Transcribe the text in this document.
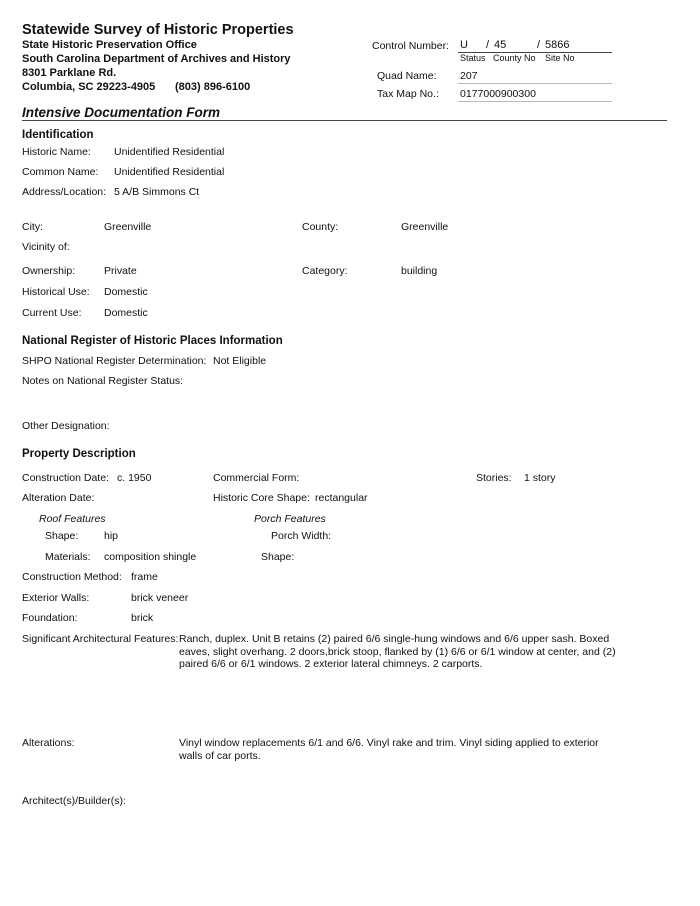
Statewide Survey of Historic Properties
State Historic Preservation Office
South Carolina Department of Archives and History
8301 Parklane Rd.
Columbia, SC 29223-4905 (803) 896-6100
Control Number: U / 45	/ 5866
Status County No Site No
Quad Name: 207
Tax Map No.: 0177000900300
Intensive Documentation Form
Identification
Historic Name: Unidentified Residential
Common Name: Unidentified Residential
Address/Location: 5 A/B Simmons Ct
City:	Greenville	County:	Greenville
Vicinity of:
Ownership:	Private	Category:	building
Historical Use: Domestic
Current Use: Domestic
National Register of Historic Places Information
SHPO National Register Determination: Not Eligible
Notes on National Register Status:
Other Designation:
Property Description
Construction Date: c. 1950	Commercial Form:	Stories: 1 story
Alteration Date:	Historic Core Shape: rectangular
Roof Features	Porch Features
Shape: hip	Porch Width:
Materials: composition shingle	Shape:
Construction Method: frame
Exterior Walls:	brick veneer
Foundation:	brick
Significant Architectural Features: Ranch, duplex. Unit B retains (2) paired 6/6 single-hung windows and 6/6 upper sash. Boxed eaves, slight overhang. 2 doors,brick stoop, flanked by (1) 6/6 or 6/1 window at center, and (2) paired 6/6 or 6/1 windows. 2 exterior lateral chimneys. 2 carports.
Alterations:	Vinyl window replacements 6/1 and 6/6. Vinyl rake and trim. Vinyl siding applied to exterior walls of car ports.
Architect(s)/Builder(s):
